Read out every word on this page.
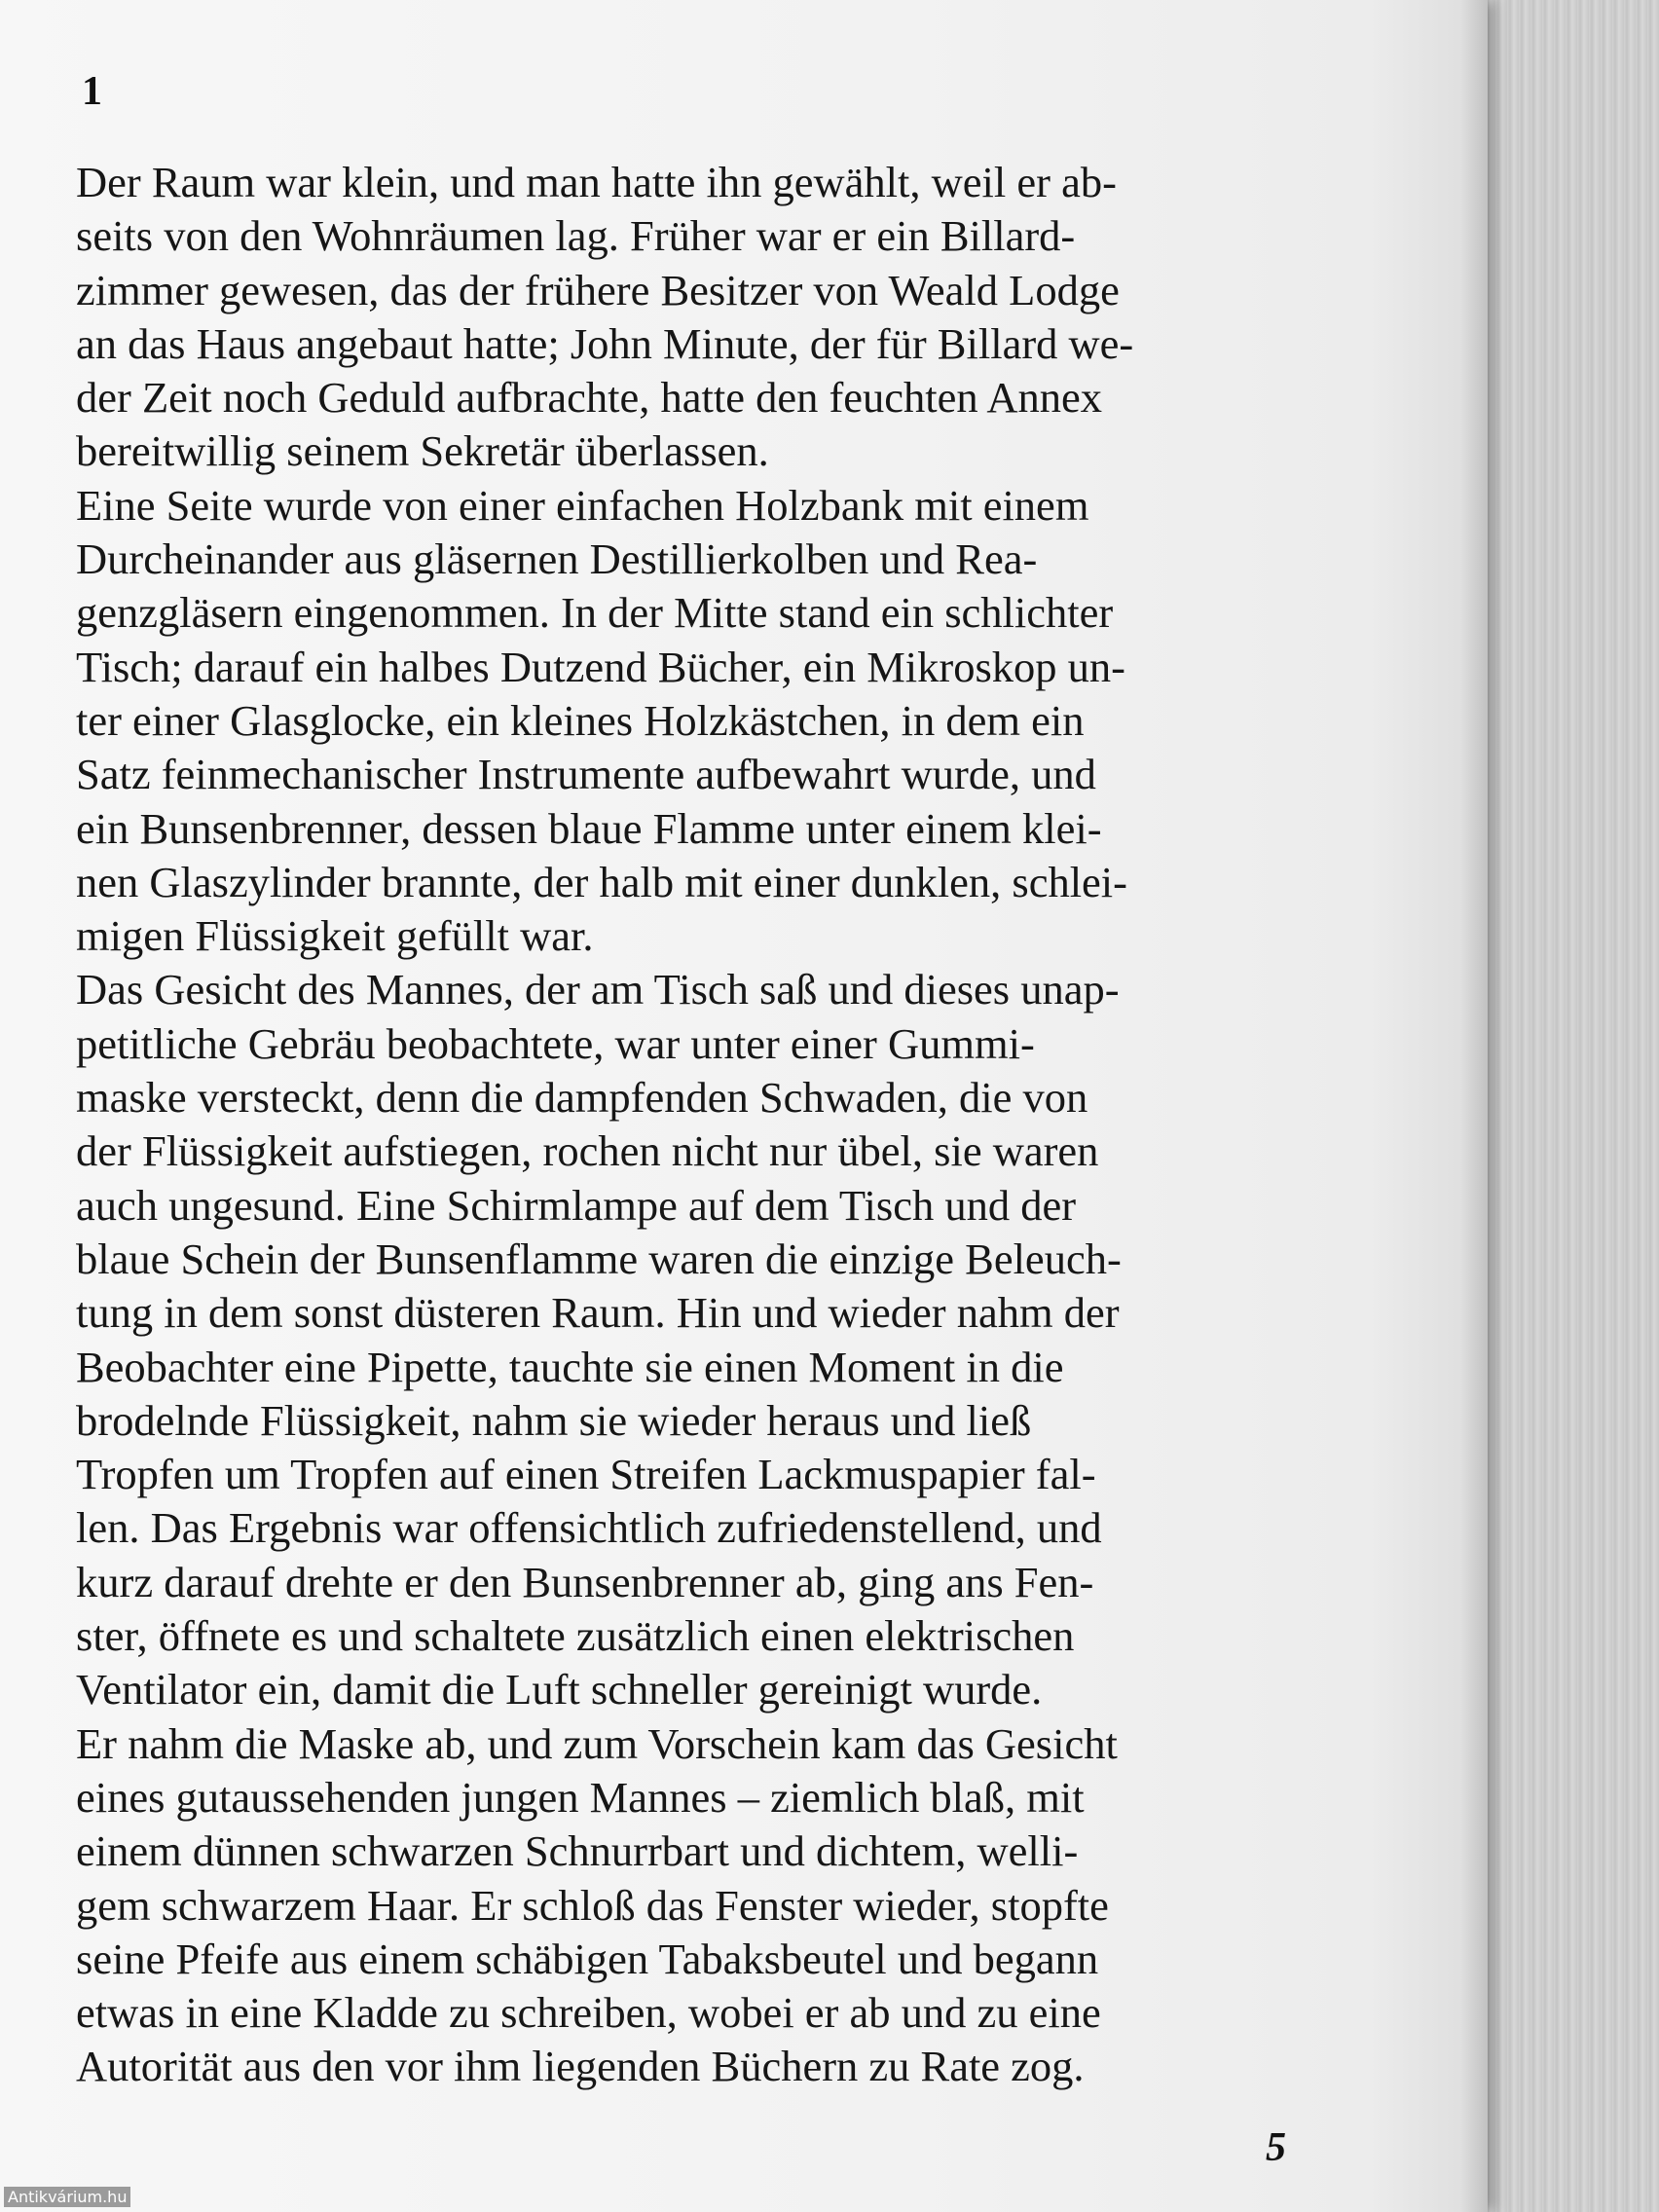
1
Der Raum war klein, und man hatte ihn gewählt, weil er ab-
seits von den Wohnräumen lag. Früher war er ein Billard-
zimmer gewesen, das der frühere Besitzer von Weald Lodge
an das Haus angebaut hatte; John Minute, der für Billard we-
der Zeit noch Geduld aufbrachte, hatte den feuchten Annex
bereitwillig seinem Sekretär überlassen.
Eine Seite wurde von einer einfachen Holzbank mit einem
Durcheinander aus gläsernen Destillierkolben und Rea-
genzgläsern eingenommen. In der Mitte stand ein schlichter
Tisch; darauf ein halbes Dutzend Bücher, ein Mikroskop un-
ter einer Glasglocke, ein kleines Holzkästchen, in dem ein
Satz feinmechanischer Instrumente aufbewahrt wurde, und
ein Bunsenbrenner, dessen blaue Flamme unter einem klei-
nen Glaszylinder brannte, der halb mit einer dunklen, schlei-
migen Flüssigkeit gefüllt war.
Das Gesicht des Mannes, der am Tisch saß und dieses unap-
petitliche Gebräu beobachtete, war unter einer Gummi-
maske versteckt, denn die dampfenden Schwaden, die von
der Flüssigkeit aufstiegen, rochen nicht nur übel, sie waren
auch ungesund. Eine Schirmlampe auf dem Tisch und der
blaue Schein der Bunsenflamme waren die einzige Beleuch-
tung in dem sonst düsteren Raum. Hin und wieder nahm der
Beobachter eine Pipette, tauchte sie einen Moment in die
brodelnde Flüssigkeit, nahm sie wieder heraus und ließ
Tropfen um Tropfen auf einen Streifen Lackmuspapier fal-
len. Das Ergebnis war offensichtlich zufriedenstellend, und
kurz darauf drehte er den Bunsenbrenner ab, ging ans Fen-
ster, öffnete es und schaltete zusätzlich einen elektrischen
Ventilator ein, damit die Luft schneller gereinigt wurde.
Er nahm die Maske ab, und zum Vorschein kam das Gesicht
eines gutaussehenden jungen Mannes – ziemlich blaß, mit
einem dünnen schwarzen Schnurrbart und dichtem, welli-
gem schwarzem Haar. Er schloß das Fenster wieder, stopfte
seine Pfeife aus einem schäbigen Tabaksbeutel und begann
etwas in eine Kladde zu schreiben, wobei er ab und zu eine
Autorität aus den vor ihm liegenden Büchern zu Rate zog.
5
Antikvárium.hu
